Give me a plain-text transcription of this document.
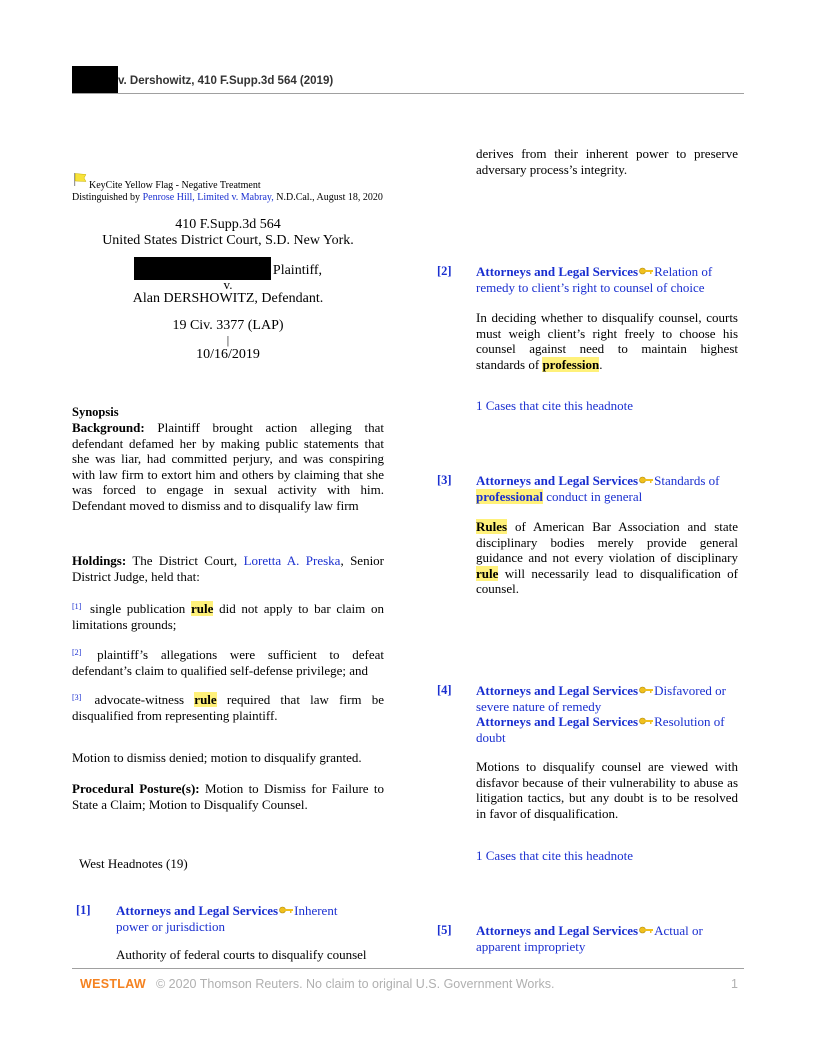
v. Dershowitz, 410 F.Supp.3d 564 (2019)
KeyCite Yellow Flag - Negative Treatment
Distinguished by Penrose Hill, Limited v. Mabray, N.D.Cal., August 18, 2020
410 F.Supp.3d 564
United States District Court, S.D. New York.
Plaintiff,
v.
Alan DERSHOWITZ, Defendant.
19 Civ. 3377 (LAP)
|
10/16/2019
Synopsis
Background: Plaintiff brought action alleging that defendant defamed her by making public statements that she was liar, had committed perjury, and was conspiring with law firm to extort him and others by claiming that she was forced to engage in sexual activity with him. Defendant moved to dismiss and to disqualify law firm
Holdings: The District Court, Loretta A. Preska, Senior District Judge, held that:
[1] single publication rule did not apply to bar claim on limitations grounds;
[2] plaintiff’s allegations were sufficient to defeat defendant’s claim to qualified self-defense privilege; and
[3] advocate-witness rule required that law firm be disqualified from representing plaintiff.
Motion to dismiss denied; motion to disqualify granted.
Procedural Posture(s): Motion to Dismiss for Failure to State a Claim; Motion to Disqualify Counsel.
West Headnotes (19)
[1] Attorneys and Legal Services Inherent power or jurisdiction
Authority of federal courts to disqualify counsel
derives from their inherent power to preserve adversary process’s integrity.
[2] Attorneys and Legal Services Relation of remedy to client’s right to counsel of choice
In deciding whether to disqualify counsel, courts must weigh client’s right freely to choose his counsel against need to maintain highest standards of profession.
1 Cases that cite this headnote
[3] Attorneys and Legal Services Standards of professional conduct in general
Rules of American Bar Association and state disciplinary bodies merely provide general guidance and not every violation of disciplinary rule will necessarily lead to disqualification of counsel.
[4] Attorneys and Legal Services Disfavored or severe nature of remedy
Attorneys and Legal Services Resolution of doubt
Motions to disqualify counsel are viewed with disfavor because of their vulnerability to abuse as litigation tactics, but any doubt is to be resolved in favor of disqualification.
1 Cases that cite this headnote
[5] Attorneys and Legal Services Actual or apparent impropriety
WESTLAW © 2020 Thomson Reuters. No claim to original U.S. Government Works.	1
